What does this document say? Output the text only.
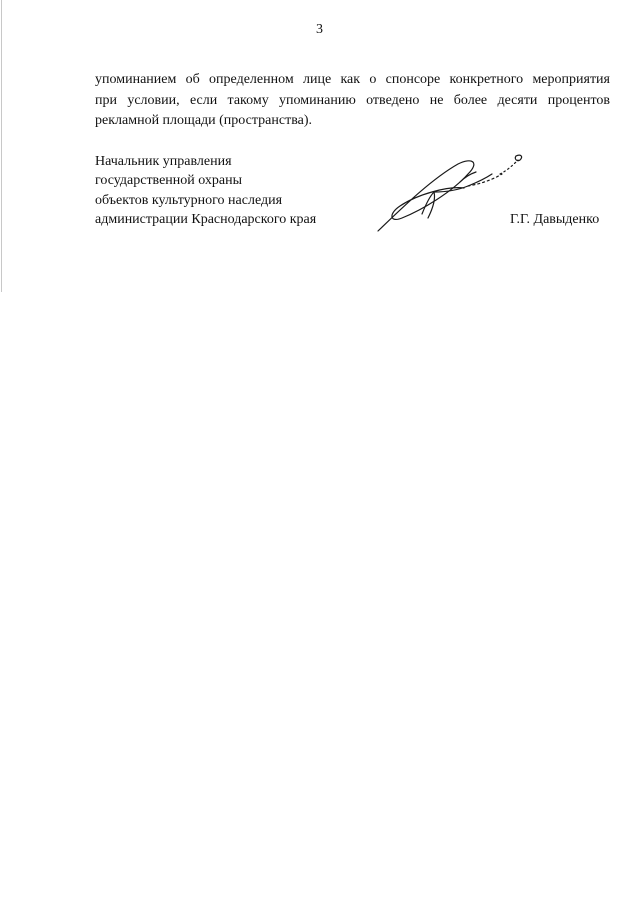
3
упоминанием об определенном лице как о спонсоре конкретного мероприятия
при условии, если такому упоминанию отведено не более десяти процентов
рекламной площади (пространства).
Начальник управления
государственной охраны
объектов культурного наследия
администрации Краснодарского края	Г.Г. Давыденко
